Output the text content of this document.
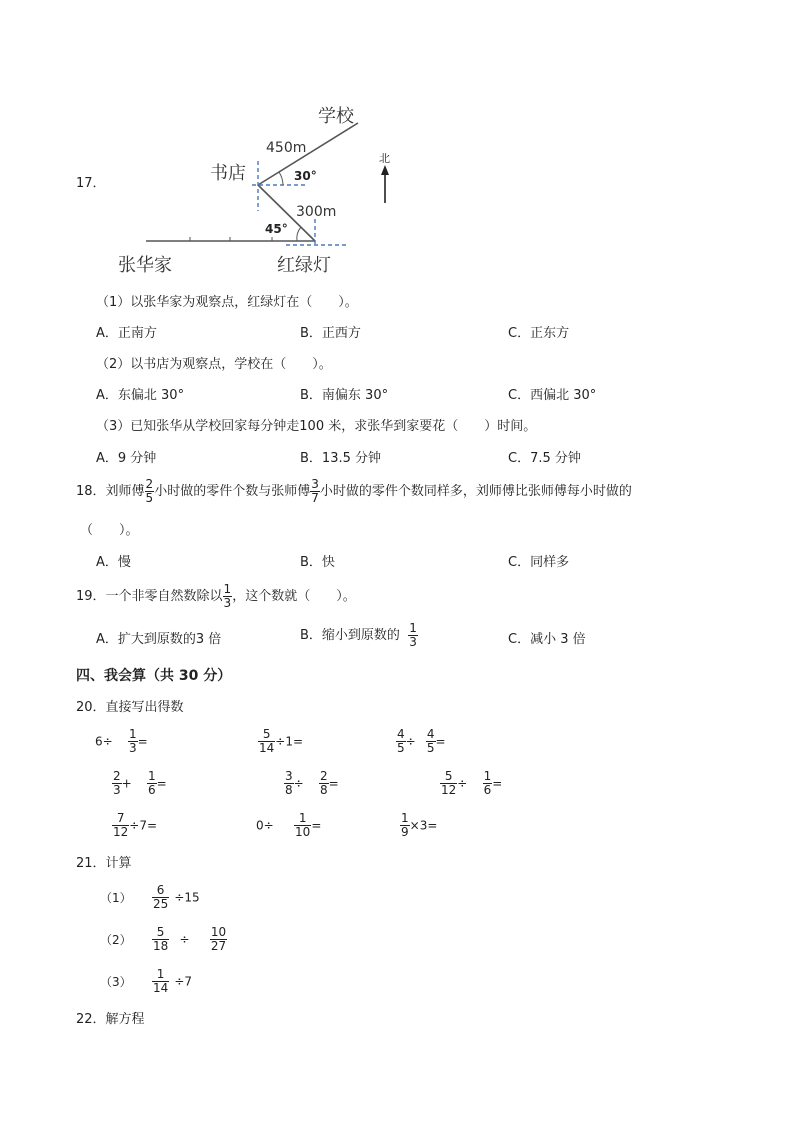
17．
学校
书店
450m
30°
300m
45°
张华家	红绿灯
北
（1）以张华家为观察点，红绿灯在（　　）。
A．正南方	B．正西方	C．正东方
（2）以书店为观察点，学校在（　　）。
A．东偏北 30°	B．南偏东 30°	C．西偏北 30°
（3）已知张华从学校回家每分钟走100 米，求张华到家要花（　　）时间。
A．9 分钟	B．13.5 分钟	C．7.5 分钟
18．刘师傅 $\frac{2}{5}$ 小时做的零件个数与张师傅 $\frac{3}{7}$ 小时做的零件个数同样多，刘师傅比张师傅每小时做的
（　　）。
A．慢	B．快	C．同样多
19．一个非零自然数除以 $\frac{1}{3}$ ，这个数就（　　）。
A．扩大到原数的3 倍	B．缩小到原数的 $\frac{1}{3}$	C．减小 3 倍
四、我会算（共 30 分）
20．直接写出得数
$6\div \frac{1}{3}$ =	$\frac{5}{14} \div 1=$	$\frac{4}{5} \div \frac{4}{5}$ =
$\frac{2}{3} + \frac{1}{6}$ =	$\frac{3}{8} \div \frac{2}{8}$ =	$\frac{5}{12} \div \frac{1}{6}$ =
$\frac{7}{12} \div 7=$	$0\div \frac{1}{10}$ =	$\frac{1}{9} \times 3=$
21．计算
$(1) \frac{6}{25} \div 15$
$(2) \frac{5}{18} \div \frac{10}{27}$
$(3) \frac{1}{14} \div 7$
22．解方程
